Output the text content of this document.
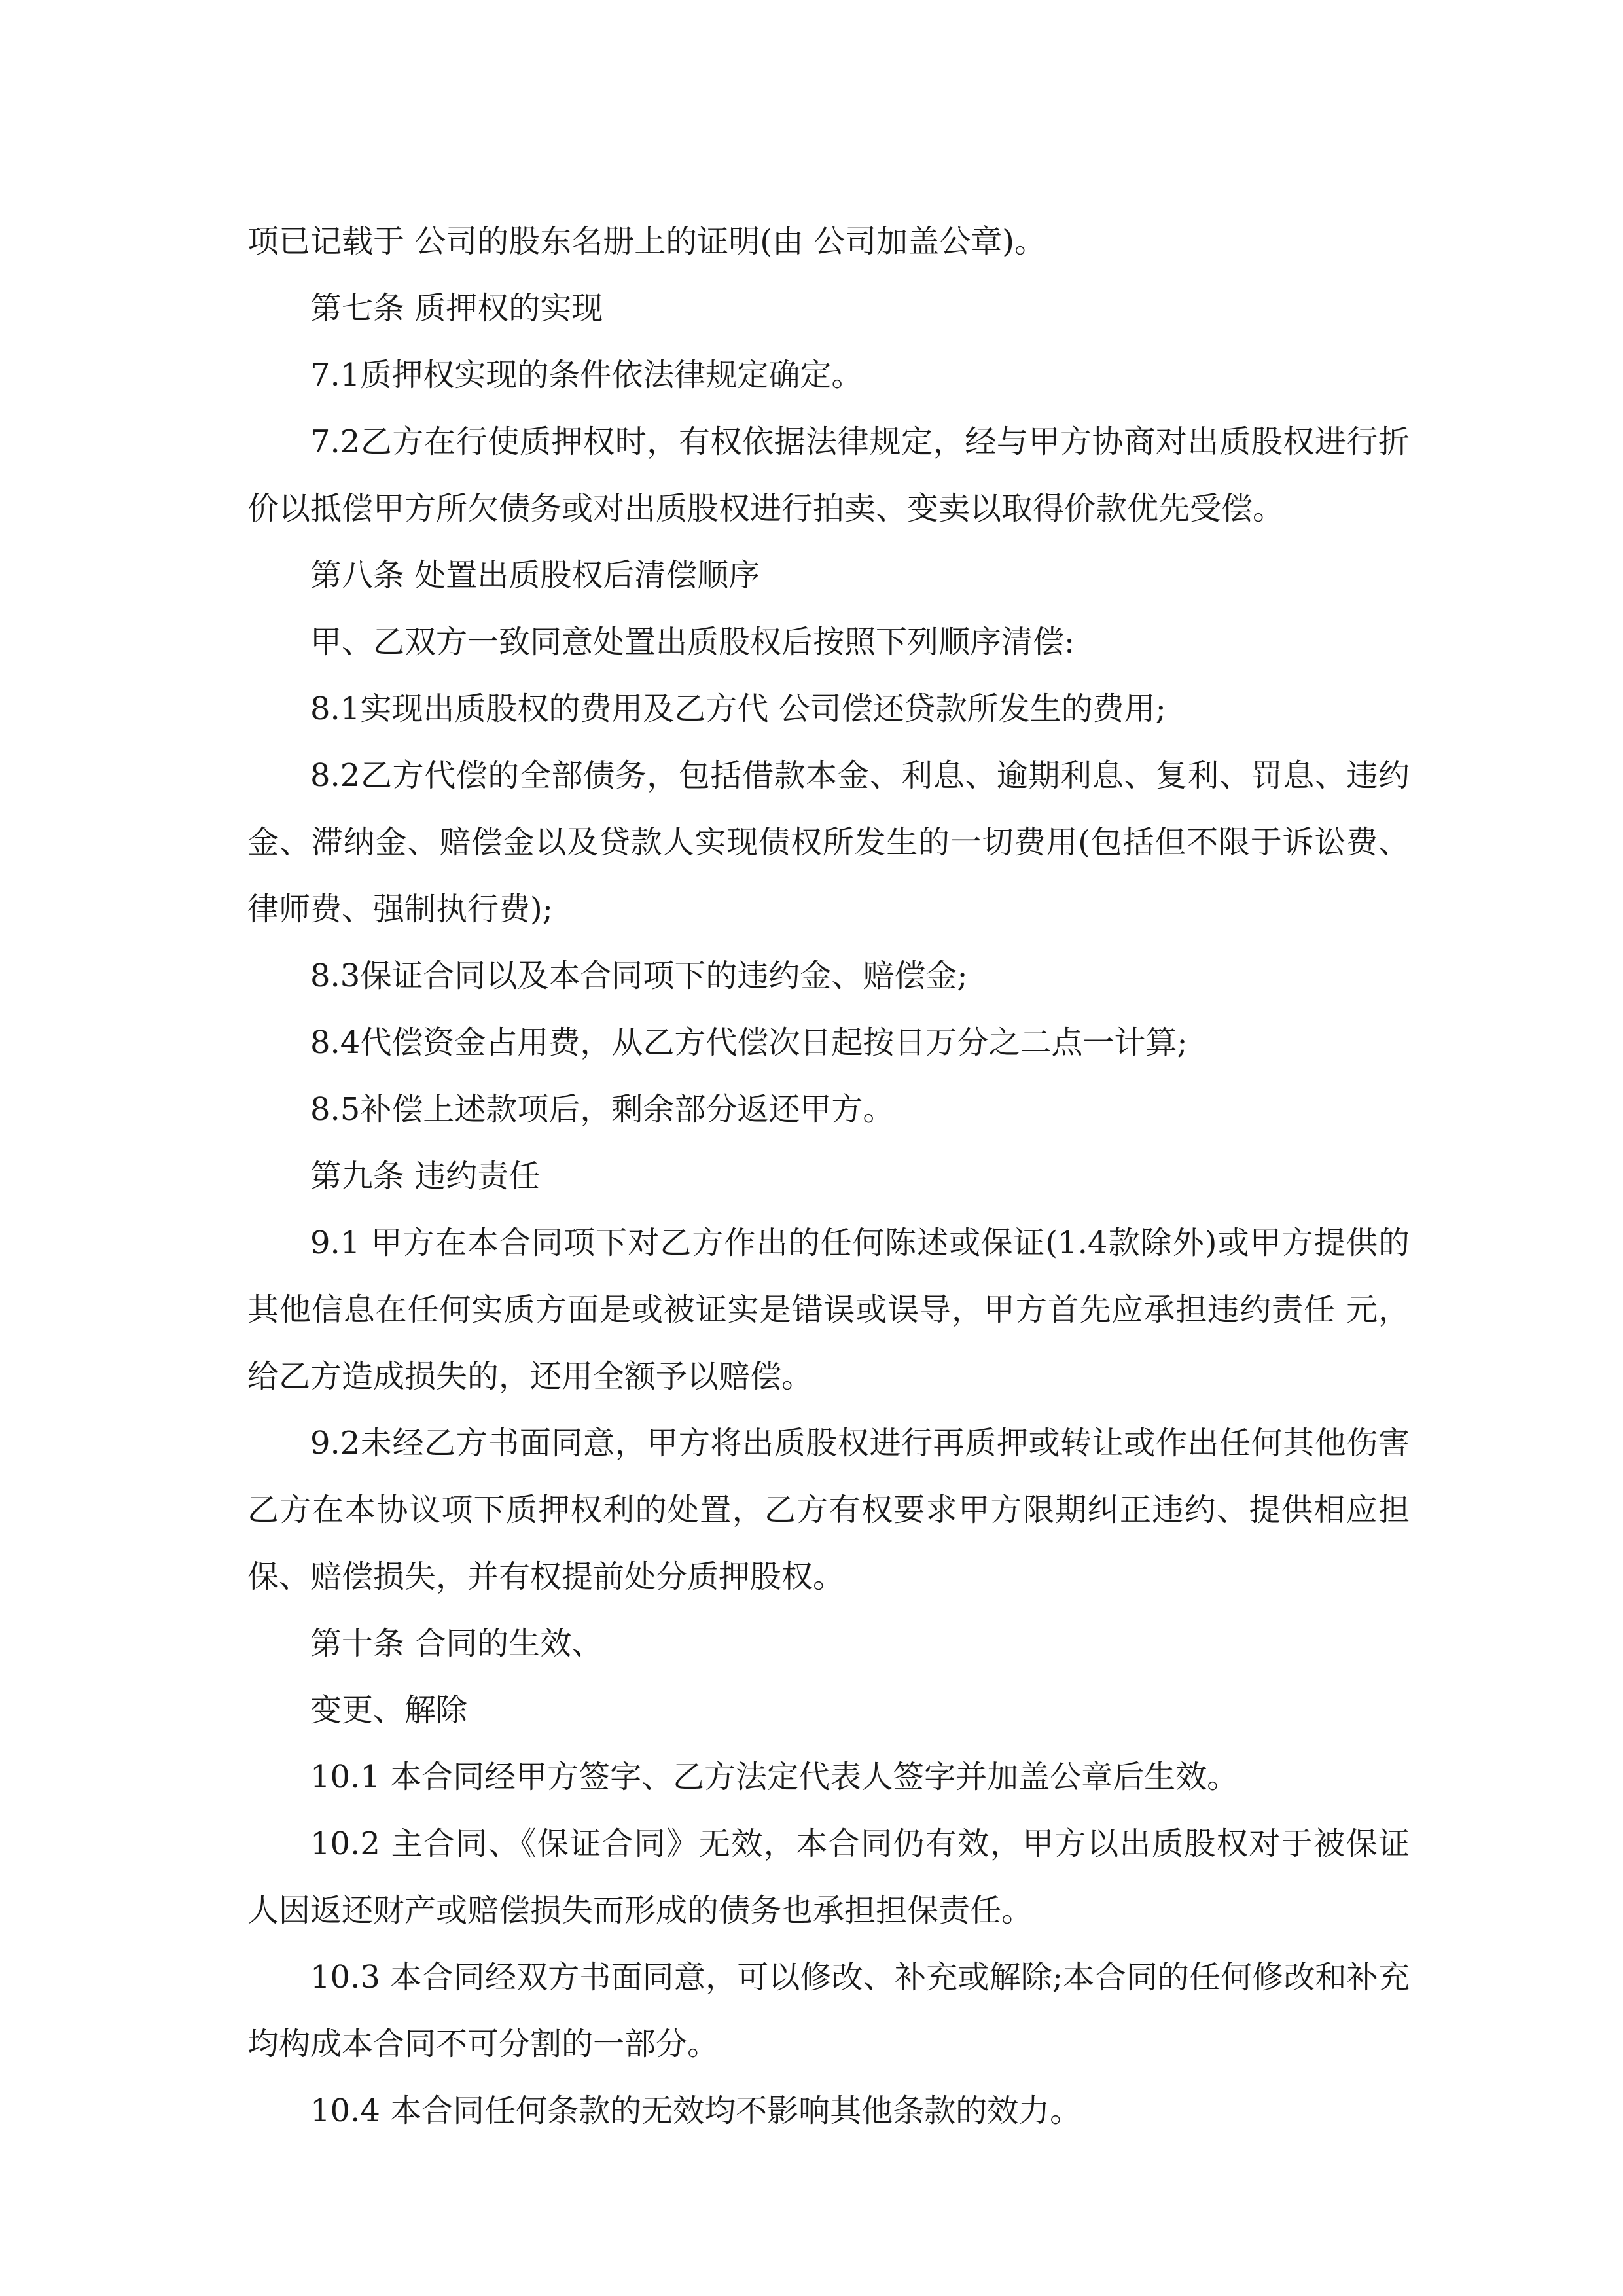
项已记载于 公司的股东名册上的证明(由 公司加盖公章)。

第七条 质押权的实现

7.1质押权实现的条件依法律规定确定。

7.2乙方在行使质押权时，有权依据法律规定，经与甲方协商对出质股权进行折价以抵偿甲方所欠债务或对出质股权进行拍卖、变卖以取得价款优先受偿。

第八条 处置出质股权后清偿顺序

甲、乙双方一致同意处置出质股权后按照下列顺序清偿:

8.1实现出质股权的费用及乙方代 公司偿还贷款所发生的费用;

8.2乙方代偿的全部债务，包括借款本金、利息、逾期利息、复利、罚息、违约金、滞纳金、赔偿金以及贷款人实现债权所发生的一切费用(包括但不限于诉讼费、律师费、强制执行费);

8.3保证合同以及本合同项下的违约金、赔偿金;

8.4代偿资金占用费，从乙方代偿次日起按日万分之二点一计算;

8.5补偿上述款项后，剩余部分返还甲方。

第九条 违约责任

9.1 甲方在本合同项下对乙方作出的任何陈述或保证(1.4款除外)或甲方提供的其他信息在任何实质方面是或被证实是错误或误导，甲方首先应承担违约责任 元，给乙方造成损失的，还用全额予以赔偿。

9.2未经乙方书面同意，甲方将出质股权进行再质押或转让或作出任何其他伤害乙方在本协议项下质押权利的处置，乙方有权要求甲方限期纠正违约、提供相应担保、赔偿损失，并有权提前处分质押股权。

第十条 合同的生效、

变更、解除

10.1 本合同经甲方签字、乙方法定代表人签字并加盖公章后生效。

10.2 主合同、《保证合同》无效，本合同仍有效，甲方以出质股权对于被保证人因返还财产或赔偿损失而形成的债务也承担担保责任。

10.3 本合同经双方书面同意，可以修改、补充或解除;本合同的任何修改和补充均构成本合同不可分割的一部分。

10.4 本合同任何条款的无效均不影响其他条款的效力。
